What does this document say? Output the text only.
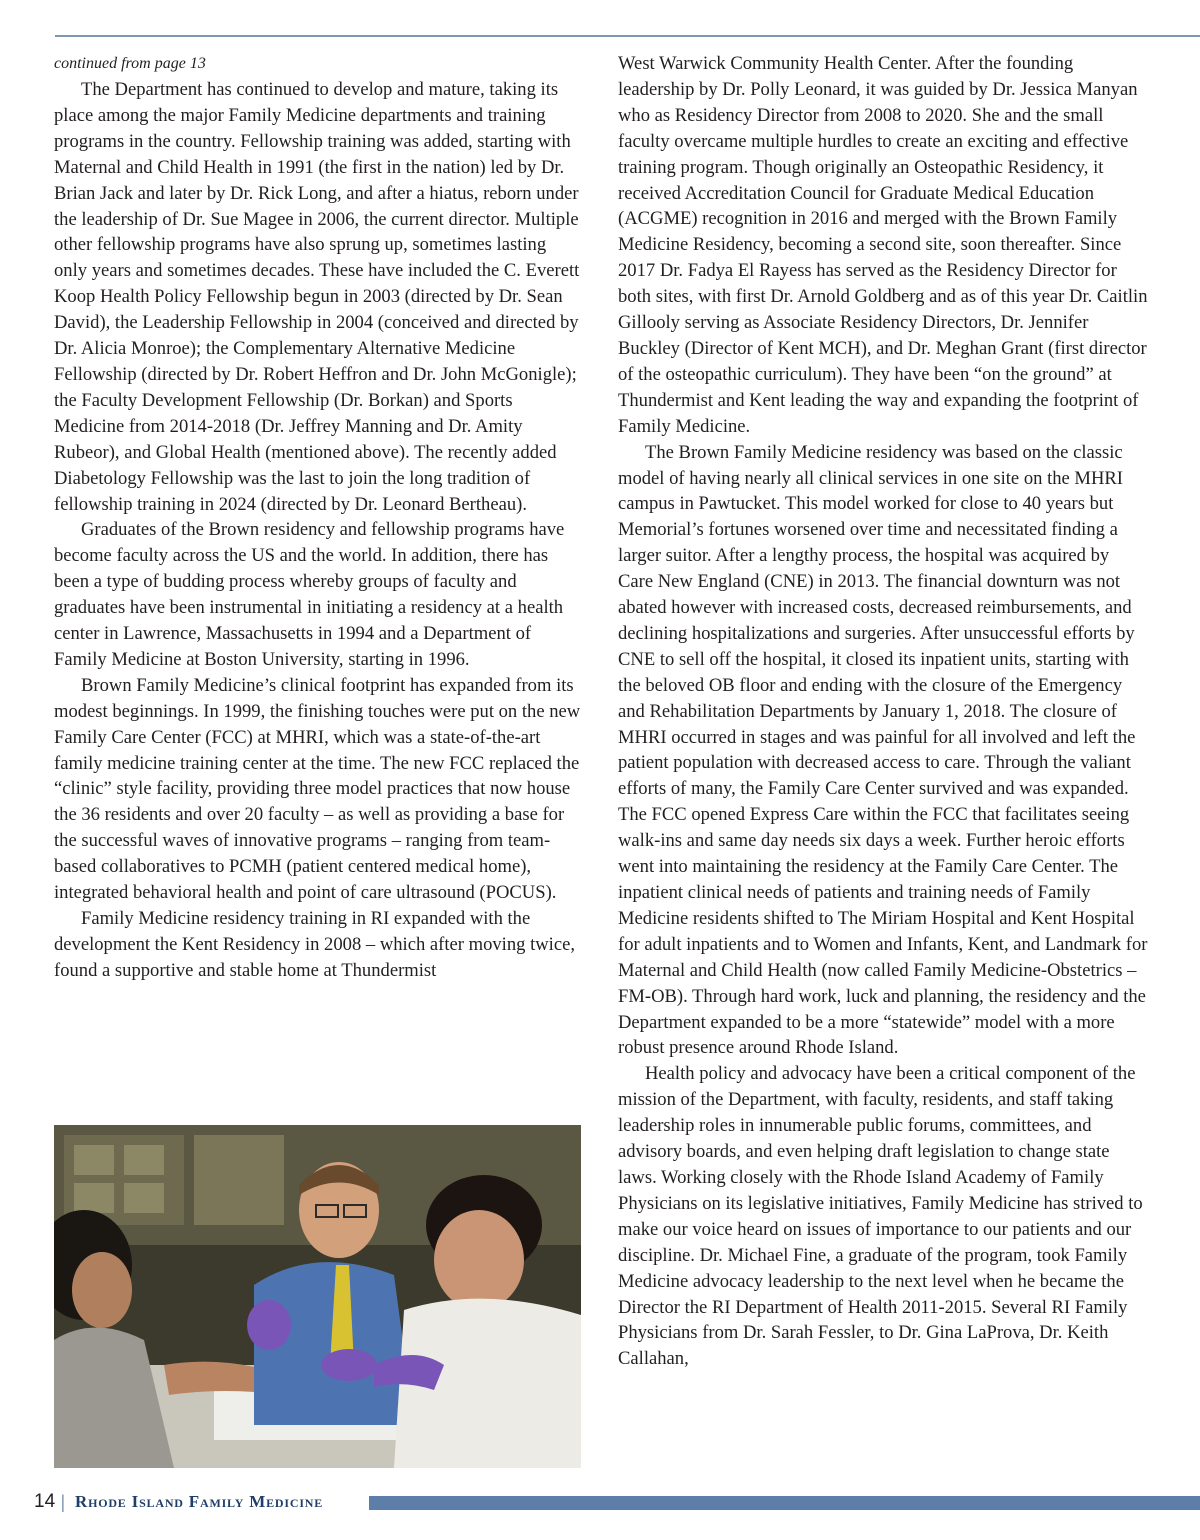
continued from page 13

The Department has continued to develop and mature, taking its place among the major Family Medicine departments and training programs in the country. Fellowship training was added, starting with Maternal and Child Health in 1991 (the first in the nation) led by Dr. Brian Jack and later by Dr. Rick Long, and after a hiatus, reborn under the leadership of Dr. Sue Magee in 2006, the current director. Multiple other fellowship programs have also sprung up, sometimes lasting only years and sometimes decades. These have included the C. Everett Koop Health Policy Fellowship begun in 2003 (directed by Dr. Sean David), the Leadership Fellowship in 2004 (conceived and directed by Dr. Alicia Monroe); the Complementary Alternative Medicine Fellowship (directed by Dr. Robert Heffron and Dr. John McGonigle); the Faculty Development Fellowship (Dr. Borkan) and Sports Medicine from 2014-2018 (Dr. Jeffrey Manning and Dr. Amity Rubeor), and Global Health (mentioned above). The recently added Diabetology Fellowship was the last to join the long tradition of fellowship training in 2024 (directed by Dr. Leonard Bertheau).

Graduates of the Brown residency and fellowship programs have become faculty across the US and the world. In addition, there has been a type of budding process whereby groups of faculty and graduates have been instrumental in initiating a residency at a health center in Lawrence, Massachusetts in 1994 and a Department of Family Medicine at Boston University, starting in 1996.

Brown Family Medicine’s clinical footprint has expanded from its modest beginnings. In 1999, the finishing touches were put on the new Family Care Center (FCC) at MHRI, which was a state-of-the-art family medicine training center at the time. The new FCC replaced the “clinic” style facility, providing three model practices that now house the 36 residents and over 20 faculty – as well as providing a base for the successful waves of innovative programs – ranging from team-based collaboratives to PCMH (patient centered medical home), integrated behavioral health and point of care ultrasound (POCUS).

Family Medicine residency training in RI expanded with the development the Kent Residency in 2008 – which after moving twice, found a supportive and stable home at Thundermist

West Warwick Community Health Center. After the founding leadership by Dr. Polly Leonard, it was guided by Dr. Jessica Manyan who as Residency Director from 2008 to 2020. She and the small faculty overcame multiple hurdles to create an exciting and effective training program. Though originally an Osteopathic Residency, it received Accreditation Council for Graduate Medical Education (ACGME) recognition in 2016 and merged with the Brown Family Medicine Residency, becoming a second site, soon thereafter. Since 2017 Dr. Fadya El Rayess has served as the Residency Director for both sites, with first Dr. Arnold Goldberg and as of this year Dr. Caitlin Gillooly serving as Associate Residency Directors, Dr. Jennifer Buckley (Director of Kent MCH), and Dr. Meghan Grant (first director of the osteopathic curriculum). They have been “on the ground” at Thundermist and Kent leading the way and expanding the footprint of Family Medicine.

The Brown Family Medicine residency was based on the classic model of having nearly all clinical services in one site on the MHRI campus in Pawtucket. This model worked for close to 40 years but Memorial’s fortunes worsened over time and necessitated finding a larger suitor. After a lengthy process, the hospital was acquired by Care New England (CNE) in 2013. The financial downturn was not abated however with increased costs, decreased reimbursements, and declining hospitalizations and surgeries. After unsuccessful efforts by CNE to sell off the hospital, it closed its inpatient units, starting with the beloved OB floor and ending with the closure of the Emergency and Rehabilitation Departments by January 1, 2018. The closure of MHRI occurred in stages and was painful for all involved and left the patient population with decreased access to care. Through the valiant efforts of many, the Family Care Center survived and was expanded. The FCC opened Express Care within the FCC that facilitates seeing walk-ins and same day needs six days a week. Further heroic efforts went into maintaining the residency at the Family Care Center. The inpatient clinical needs of patients and training needs of Family Medicine residents shifted to The Miriam Hospital and Kent Hospital for adult inpatients and to Women and Infants, Kent, and Landmark for Maternal and Child Health (now called Family Medicine-Obstetrics – FM-OB). Through hard work, luck and planning, the residency and the Department expanded to be a more “statewide” model with a more robust presence around Rhode Island.

Health policy and advocacy have been a critical component of the mission of the Department, with faculty, residents, and staff taking leadership roles in innumerable public forums, committees, and advisory boards, and even helping draft legislation to change state laws. Working closely with the Rhode Island Academy of Family Physicians on its legislative initiatives, Family Medicine has strived to make our voice heard on issues of importance to our patients and our discipline. Dr. Michael Fine, a graduate of the program, took Family Medicine advocacy leadership to the next level when he became the Director the RI Department of Health 2011-2015. Several RI Family Physicians from Dr. Sarah Fessler, to Dr. Gina LaProva, Dr. Keith Callahan,

14 | Rhode Island Family Medicine
